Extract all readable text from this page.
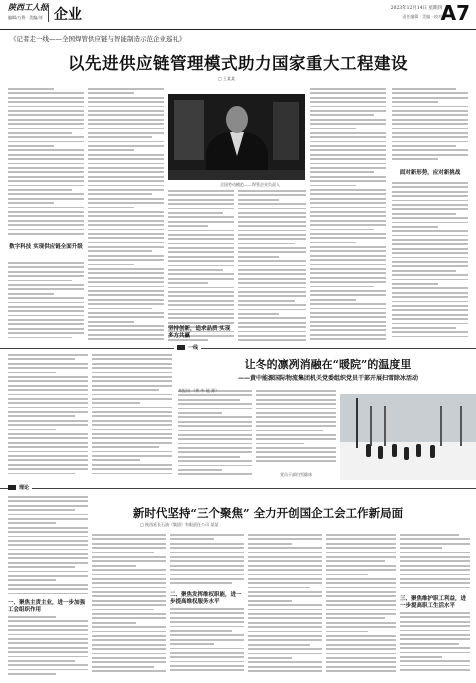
陕西工人报
编辑/万将 · 美编/刘 企业	2023年12月14日 星期四
责任编辑 · 美编 · 校对
A7
《记者走一线——全国焊管供应链与智能制造示范企业巡礼》
以先进供应链管理模式助力国家重大工程建设
□ 王某某
数字科技 实现供应链全面升级
全国劳动模范——焊管企业负责人
面对新形势，应对新挑战
坚持创新，追求品质 实现多方共赢
一线
让冬的凛冽消融在“暖院”的温度里
——黄中能源国际物流集团机关党委组织党员干部开展扫雪除冰活动
本报讯 （黄 中 能 源）
党员干部扫雪除冰
理论
一、聚焦主责主业，进一步加强工会组织作用
新时代坚持“三个聚焦” 全力开创国企工会工作新局面
□ 陕西延长石油（集团）有限责任公司 某某
二、聚焦发挥维权职能，进一步提高维权服务水平	三、聚焦维护职工利益，进一步提高职工生活水平
